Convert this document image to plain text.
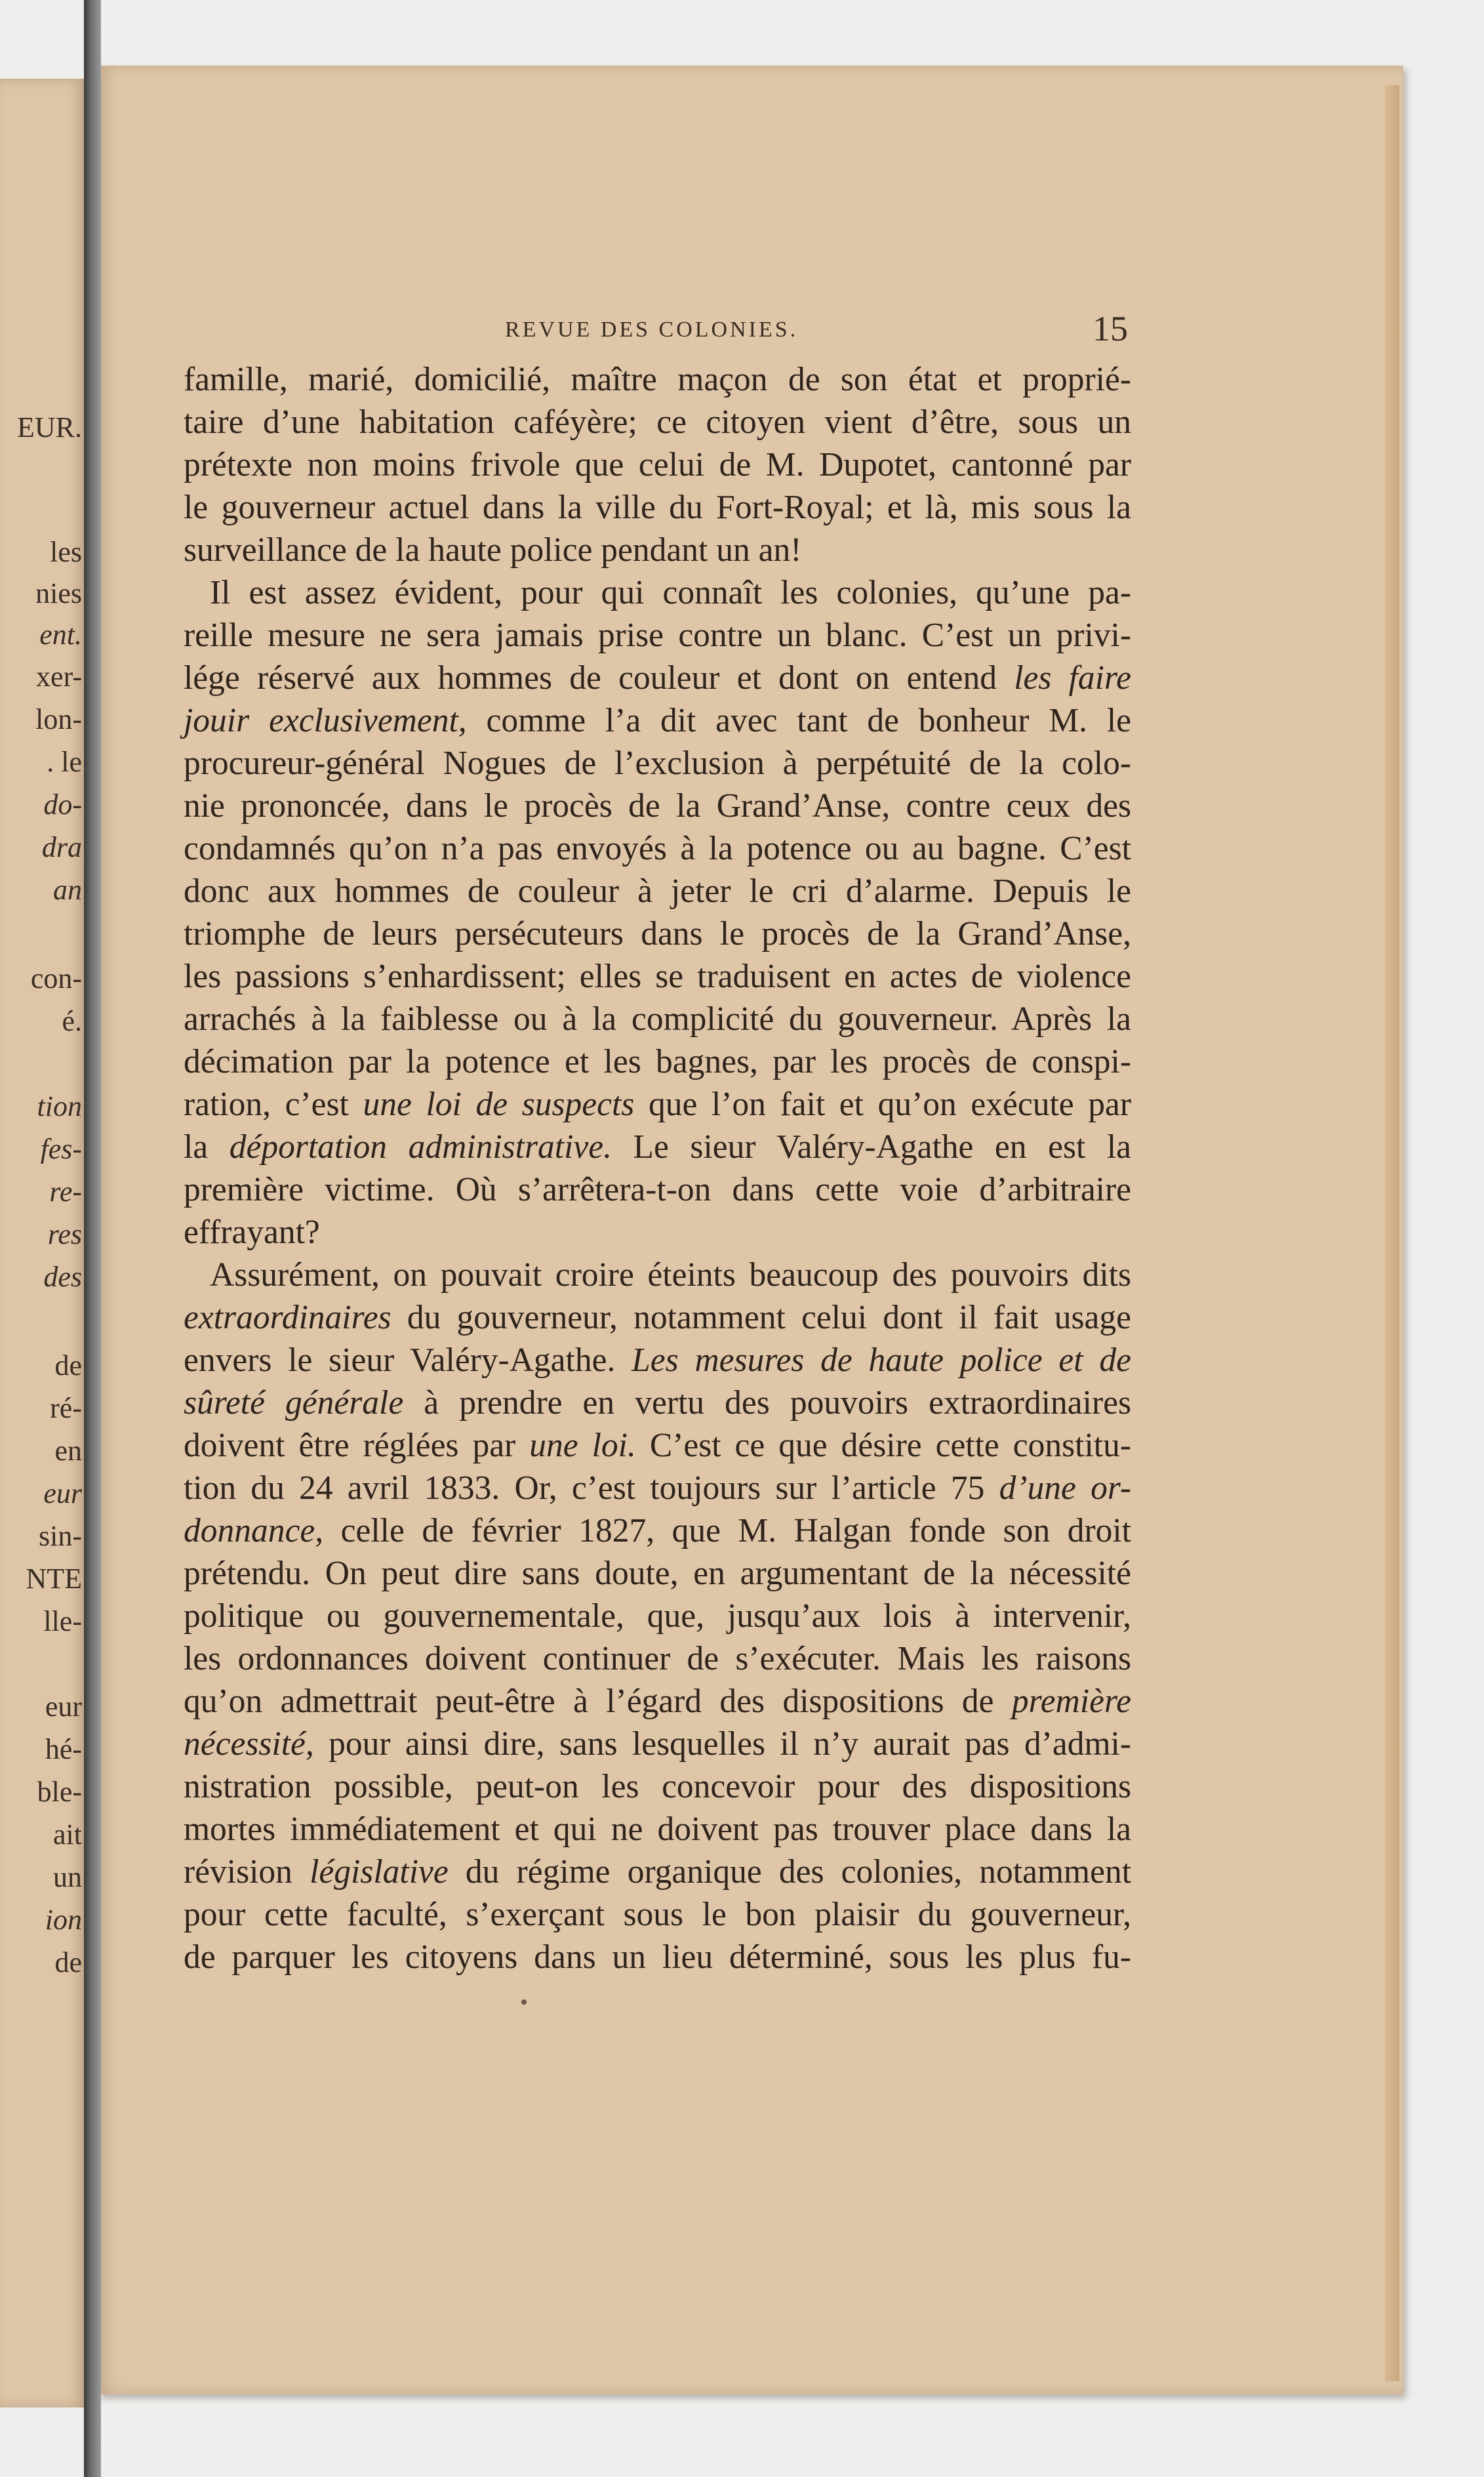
EUR.
les
nies
ent.
xer-
lon-
. le
do-
dra
an
con-
é.
tion
fes-
re-
res
des
de
ré-
en
eur
sin-
NTE
lle-
eur
hé-
ble-
ait
un
ion
de
REVUE DES COLONIES.	15
famille, marié, domicilié, maître maçon de son état et proprié-
taire d’une habitation caféyère; ce citoyen vient d’être, sous un
prétexte non moins frivole que celui de M. Dupotet, cantonné par
le gouverneur actuel dans la ville du Fort-Royal; et là, mis sous la
surveillance de la haute police pendant un an!
Il est assez évident, pour qui connaît les colonies, qu’une pa-
reille mesure ne sera jamais prise contre un blanc. C’est un privi-
lége réservé aux hommes de couleur et dont on entend les faire
jouir exclusivement, comme l’a dit avec tant de bonheur M. le
procureur-général Nogues de l’exclusion à perpétuité de la colo-
nie prononcée, dans le procès de la Grand’Anse, contre ceux des
condamnés qu’on n’a pas envoyés à la potence ou au bagne. C’est
donc aux hommes de couleur à jeter le cri d’alarme. Depuis le
triomphe de leurs persécuteurs dans le procès de la Grand’Anse,
les passions s’enhardissent; elles se traduisent en actes de violence
arrachés à la faiblesse ou à la complicité du gouverneur. Après la
décimation par la potence et les bagnes, par les procès de conspi-
ration, c’est une loi de suspects que l’on fait et qu’on exécute par
la déportation administrative. Le sieur Valéry-Agathe en est la
première victime. Où s’arrêtera-t-on dans cette voie d’arbitraire
effrayant?
Assurément, on pouvait croire éteints beaucoup des pouvoirs dits
extraordinaires du gouverneur, notamment celui dont il fait usage
envers le sieur Valéry-Agathe. Les mesures de haute police et de
sûreté générale à prendre en vertu des pouvoirs extraordinaires
doivent être réglées par une loi. C’est ce que désire cette constitu-
tion du 24 avril 1833. Or, c’est toujours sur l’article 75 d’une or-
donnance, celle de février 1827, que M. Halgan fonde son droit
prétendu. On peut dire sans doute, en argumentant de la nécessité
politique ou gouvernementale, que, jusqu’aux lois à intervenir,
les ordonnances doivent continuer de s’exécuter. Mais les raisons
qu’on admettrait peut-être à l’égard des dispositions de première
nécessité, pour ainsi dire, sans lesquelles il n’y aurait pas d’admi-
nistration possible, peut-on les concevoir pour des dispositions
mortes immédiatement et qui ne doivent pas trouver place dans la
révision législative du régime organique des colonies, notamment
pour cette faculté, s’exerçant sous le bon plaisir du gouverneur,
de parquer les citoyens dans un lieu déterminé, sous les plus fu-
